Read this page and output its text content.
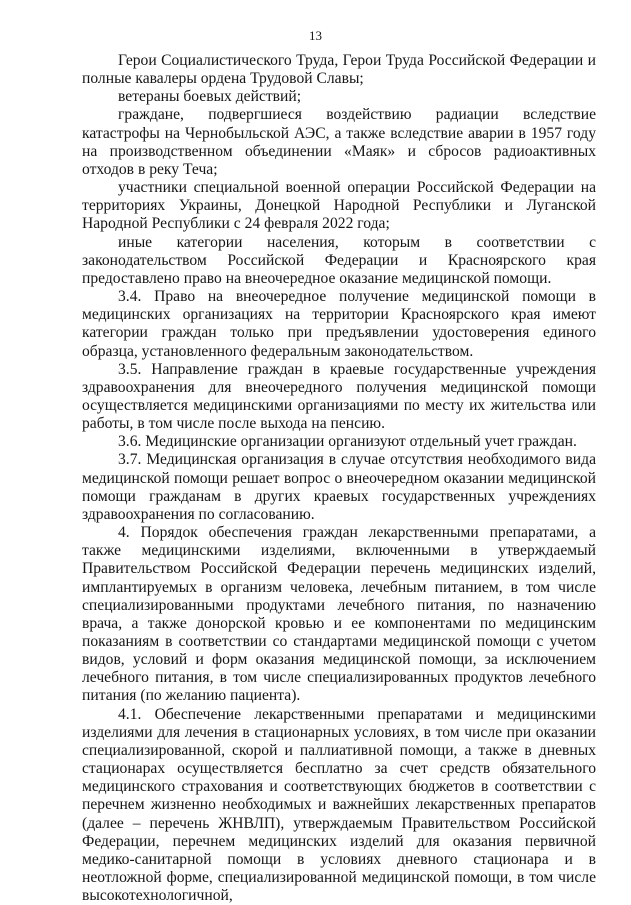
13

Герои Социалистического Труда, Герои Труда Российской Федерации и полные кавалеры ордена Трудовой Славы;

ветераны боевых действий;

граждане, подвергшиеся воздействию радиации вследствие катастрофы на Чернобыльской АЭС, а также вследствие аварии в 1957 году на производственном объединении «Маяк» и сбросов радиоактивных отходов в реку Теча;

участники специальной военной операции Российской Федерации на территориях Украины, Донецкой Народной Республики и Луганской Народной Республики с 24 февраля 2022 года;

иные категории населения, которым в соответствии с законодательством Российской Федерации и Красноярского края предоставлено право на внеочередное оказание медицинской помощи.

3.4. Право на внеочередное получение медицинской помощи в медицинских организациях на территории Красноярского края имеют категории граждан только при предъявлении удостоверения единого образца, установленного федеральным законодательством.

3.5. Направление граждан в краевые государственные учреждения здравоохранения для внеочередного получения медицинской помощи осуществляется медицинскими организациями по месту их жительства или работы, в том числе после выхода на пенсию.

3.6. Медицинские организации организуют отдельный учет граждан.

3.7. Медицинская организация в случае отсутствия необходимого вида медицинской помощи решает вопрос о внеочередном оказании медицинской помощи гражданам в других краевых государственных учреждениях здравоохранения по согласованию.

4. Порядок обеспечения граждан лекарственными препаратами, а также медицинскими изделиями, включенными в утверждаемый Правительством Российской Федерации перечень медицинских изделий, имплантируемых в организм человека, лечебным питанием, в том числе специализированными продуктами лечебного питания, по назначению врача, а также донорской кровью и ее компонентами по медицинским показаниям в соответствии со стандартами медицинской помощи с учетом видов, условий и форм оказания медицинской помощи, за исключением лечебного питания, в том числе специализированных продуктов лечебного питания (по желанию пациента).

4.1. Обеспечение лекарственными препаратами и медицинскими изделиями для лечения в стационарных условиях, в том числе при оказании специализированной, скорой и паллиативной помощи, а также в дневных стационарах осуществляется бесплатно за счет средств обязательного медицинского страхования и соответствующих бюджетов в соответствии с перечнем жизненно необходимых и важнейших лекарственных препаратов (далее – перечень ЖНВЛП), утверждаемым Правительством Российской Федерации, перечнем медицинских изделий для оказания первичной медико-санитарной помощи в условиях дневного стационара и в неотложной форме, специализированной медицинской помощи, в том числе высокотехнологичной,
